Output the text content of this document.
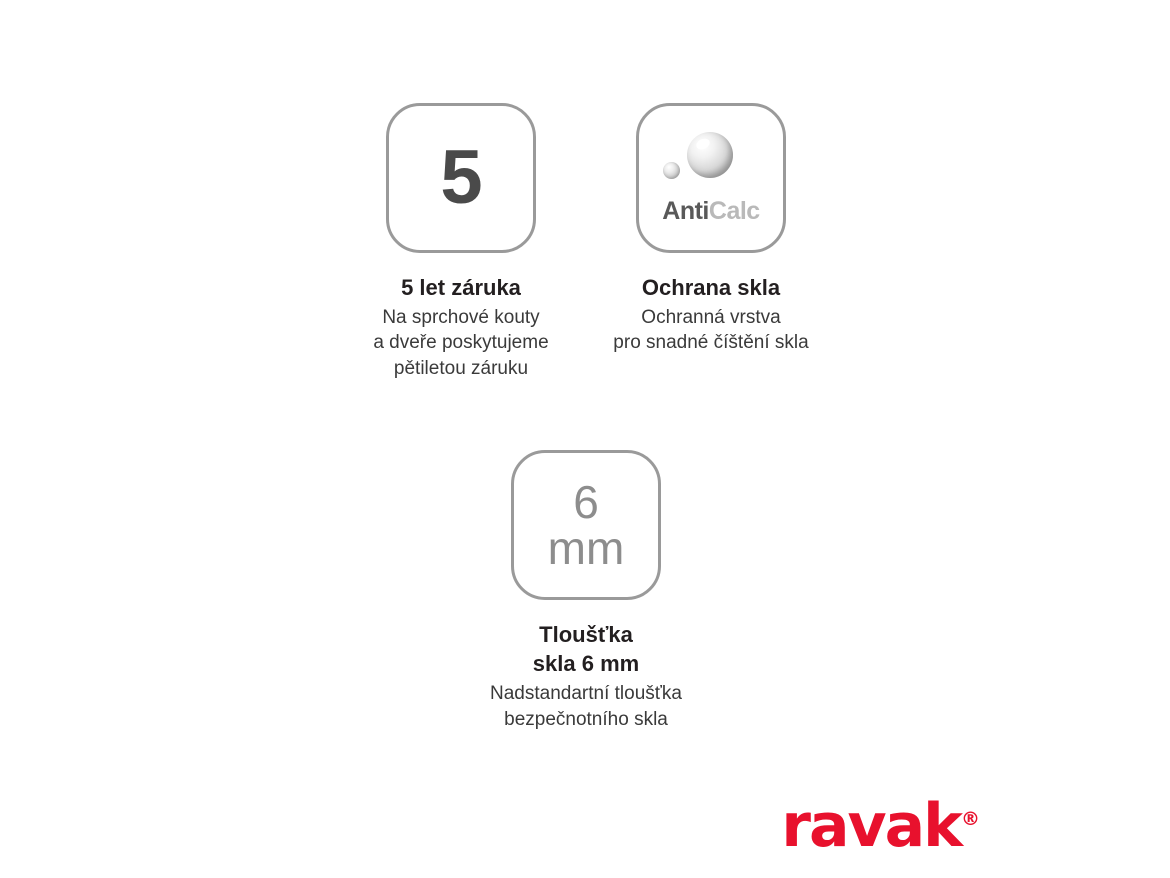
5
5 let záruka
Na sprchové kouty
a dveře poskytujeme
pětiletou záruku
AntiCalc
Ochrana skla
Ochranná vrstva
pro snadné číštění skla
6
mm
Tloušťka
skla 6 mm
Nadstandartní tloušťka
bezpečnotního skla
ravak®
